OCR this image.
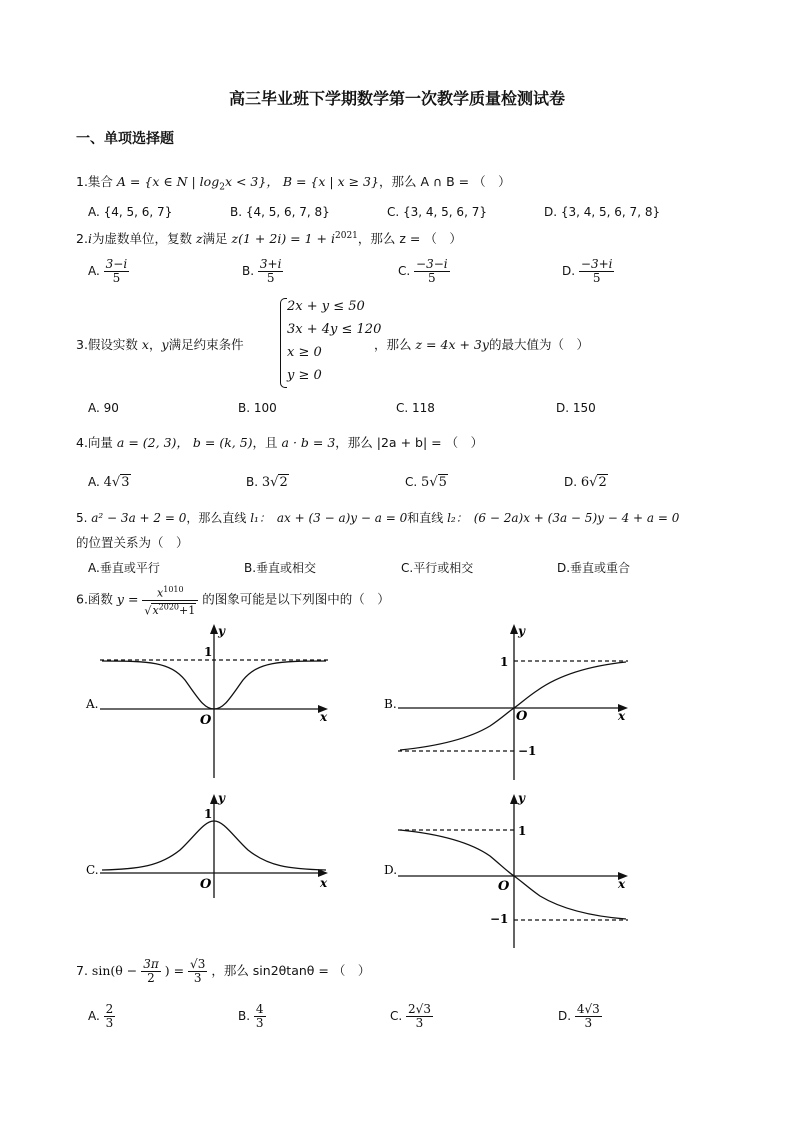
高三毕业班下学期数学第一次教学质量检测试卷
一、单项选择题
1.集合 A = {x ∈ N | $\log_2x < 3$}， B = {x | x ≥ 3}，那么 A ∩ B = （　）
A. {4, 5, 6, 7}	B. {4, 5, 6, 7, 8}	C. {3, 4, 5, 6, 7}	D. {3, 4, 5, 6, 7, 8}
2.i为虚数单位，复数 z满足 $z(1 + 2i) = 1 + i^{2021}$，那么 z = （　）
A. $\frac{3-i}{5}$	B. $\frac{3+i}{5}$	C. $\frac{-3-i}{5}$	D. $\frac{-3+i}{5}$
3.假设实数 x，y满足约束条件
2x + y ≤ 50
3x + 4y ≤ 120
x ≥ 0
y ≥ 0
，那么 z = 4x + 3y的最大值为（　）
A. 90	B. 100	C. 118	D. 150
4.向量 a = (2, 3)， b = (k, 5)，且 a · b = 3，那么 |2a + b| = （　）
A. 4√3	B. 3√2	C. 5√5	D. 6√2
5. a² − 3a + 2 = 0，那么直线 l₁：　ax + (3 − a)y − a = 0和直线 l₂：　(6 − 2a)x + (3a − 5)y − 4 + a = 0
的位置关系为（　）
A.垂直或平行	B.垂直或相交	C.平行或相交	D.垂直或重合
6.函数 $y = \frac{x^{1010}}{√x^{2020}+1}$ 的图象可能是以下列图中的（　）
A.
x
y
O
1
B.
x
y
O
1
−1
C.
x
y
O
1
D.
x
y
O
1
−1
7. $\sin(\theta - \frac{3\pi}{2}$ ) = $\frac{√3}{3}$ ，那么 sin2θtanθ = （　）
A. $\frac{2}{3}$	B. $\frac{4}{3}$	C. $\frac{2√3}{3}$	D. $\frac{4√3}{3}$
